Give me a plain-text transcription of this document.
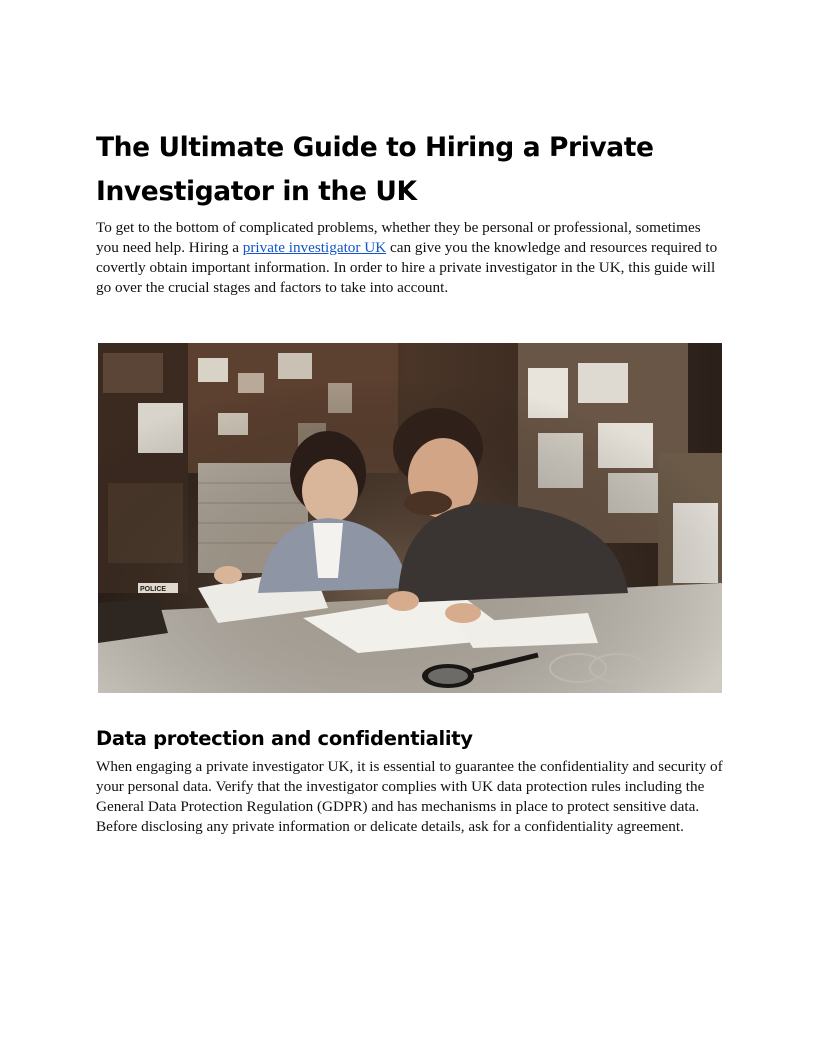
The Ultimate Guide to Hiring a Private Investigator in the UK

To get to the bottom of complicated problems, whether they be personal or professional, sometimes you need help. Hiring a private investigator UK can give you the knowledge and resources required to covertly obtain important information. In order to hire a private investigator in the UK, this guide will go over the crucial stages and factors to take into account.

POLICE
Data protection and confidentiality

When engaging a private investigator UK, it is essential to guarantee the confidentiality and security of your personal data. Verify that the investigator complies with UK data protection rules including the General Data Protection Regulation (GDPR) and has mechanisms in place to protect sensitive data. Before disclosing any private information or delicate details, ask for a confidentiality agreement.
